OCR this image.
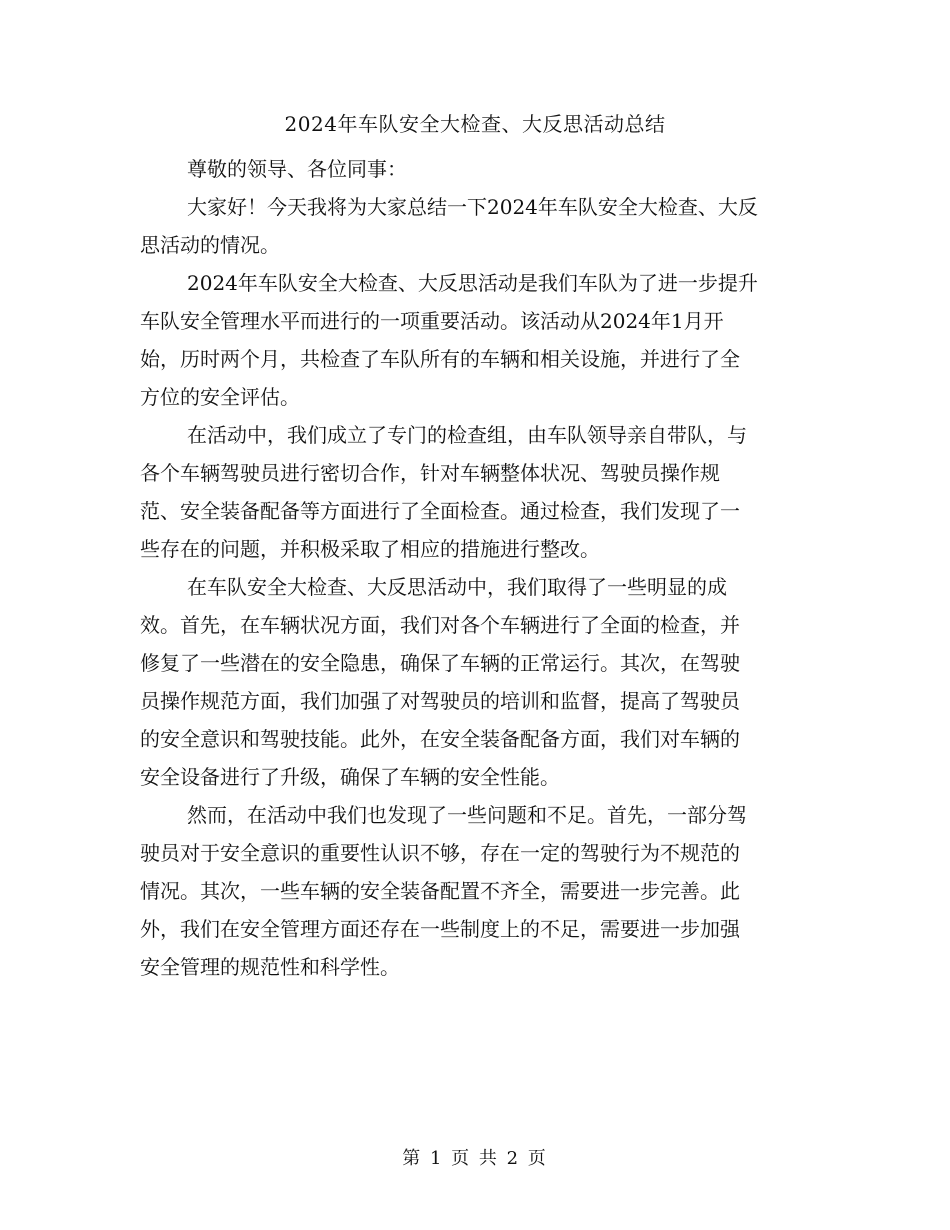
2024年车队安全大检查、大反思活动总结

尊敬的领导、各位同事：

大家好！今天我将为大家总结一下2024年车队安全大检查、大反
思活动的情况。

2024年车队安全大检查、大反思活动是我们车队为了进一步提升
车队安全管理水平而进行的一项重要活动。该活动从2024年1月开
始，历时两个月，共检查了车队所有的车辆和相关设施，并进行了全
方位的安全评估。

在活动中，我们成立了专门的检查组，由车队领导亲自带队，与
各个车辆驾驶员进行密切合作，针对车辆整体状况、驾驶员操作规
范、安全装备配备等方面进行了全面检查。通过检查，我们发现了一
些存在的问题，并积极采取了相应的措施进行整改。

在车队安全大检查、大反思活动中，我们取得了一些明显的成
效。首先，在车辆状况方面，我们对各个车辆进行了全面的检查，并
修复了一些潜在的安全隐患，确保了车辆的正常运行。其次，在驾驶
员操作规范方面，我们加强了对驾驶员的培训和监督，提高了驾驶员
的安全意识和驾驶技能。此外，在安全装备配备方面，我们对车辆的
安全设备进行了升级，确保了车辆的安全性能。

然而，在活动中我们也发现了一些问题和不足。首先，一部分驾
驶员对于安全意识的重要性认识不够，存在一定的驾驶行为不规范的
情况。其次，一些车辆的安全装备配置不齐全，需要进一步完善。此
外，我们在安全管理方面还存在一些制度上的不足，需要进一步加强
安全管理的规范性和科学性。

第 1 页 共 2 页
